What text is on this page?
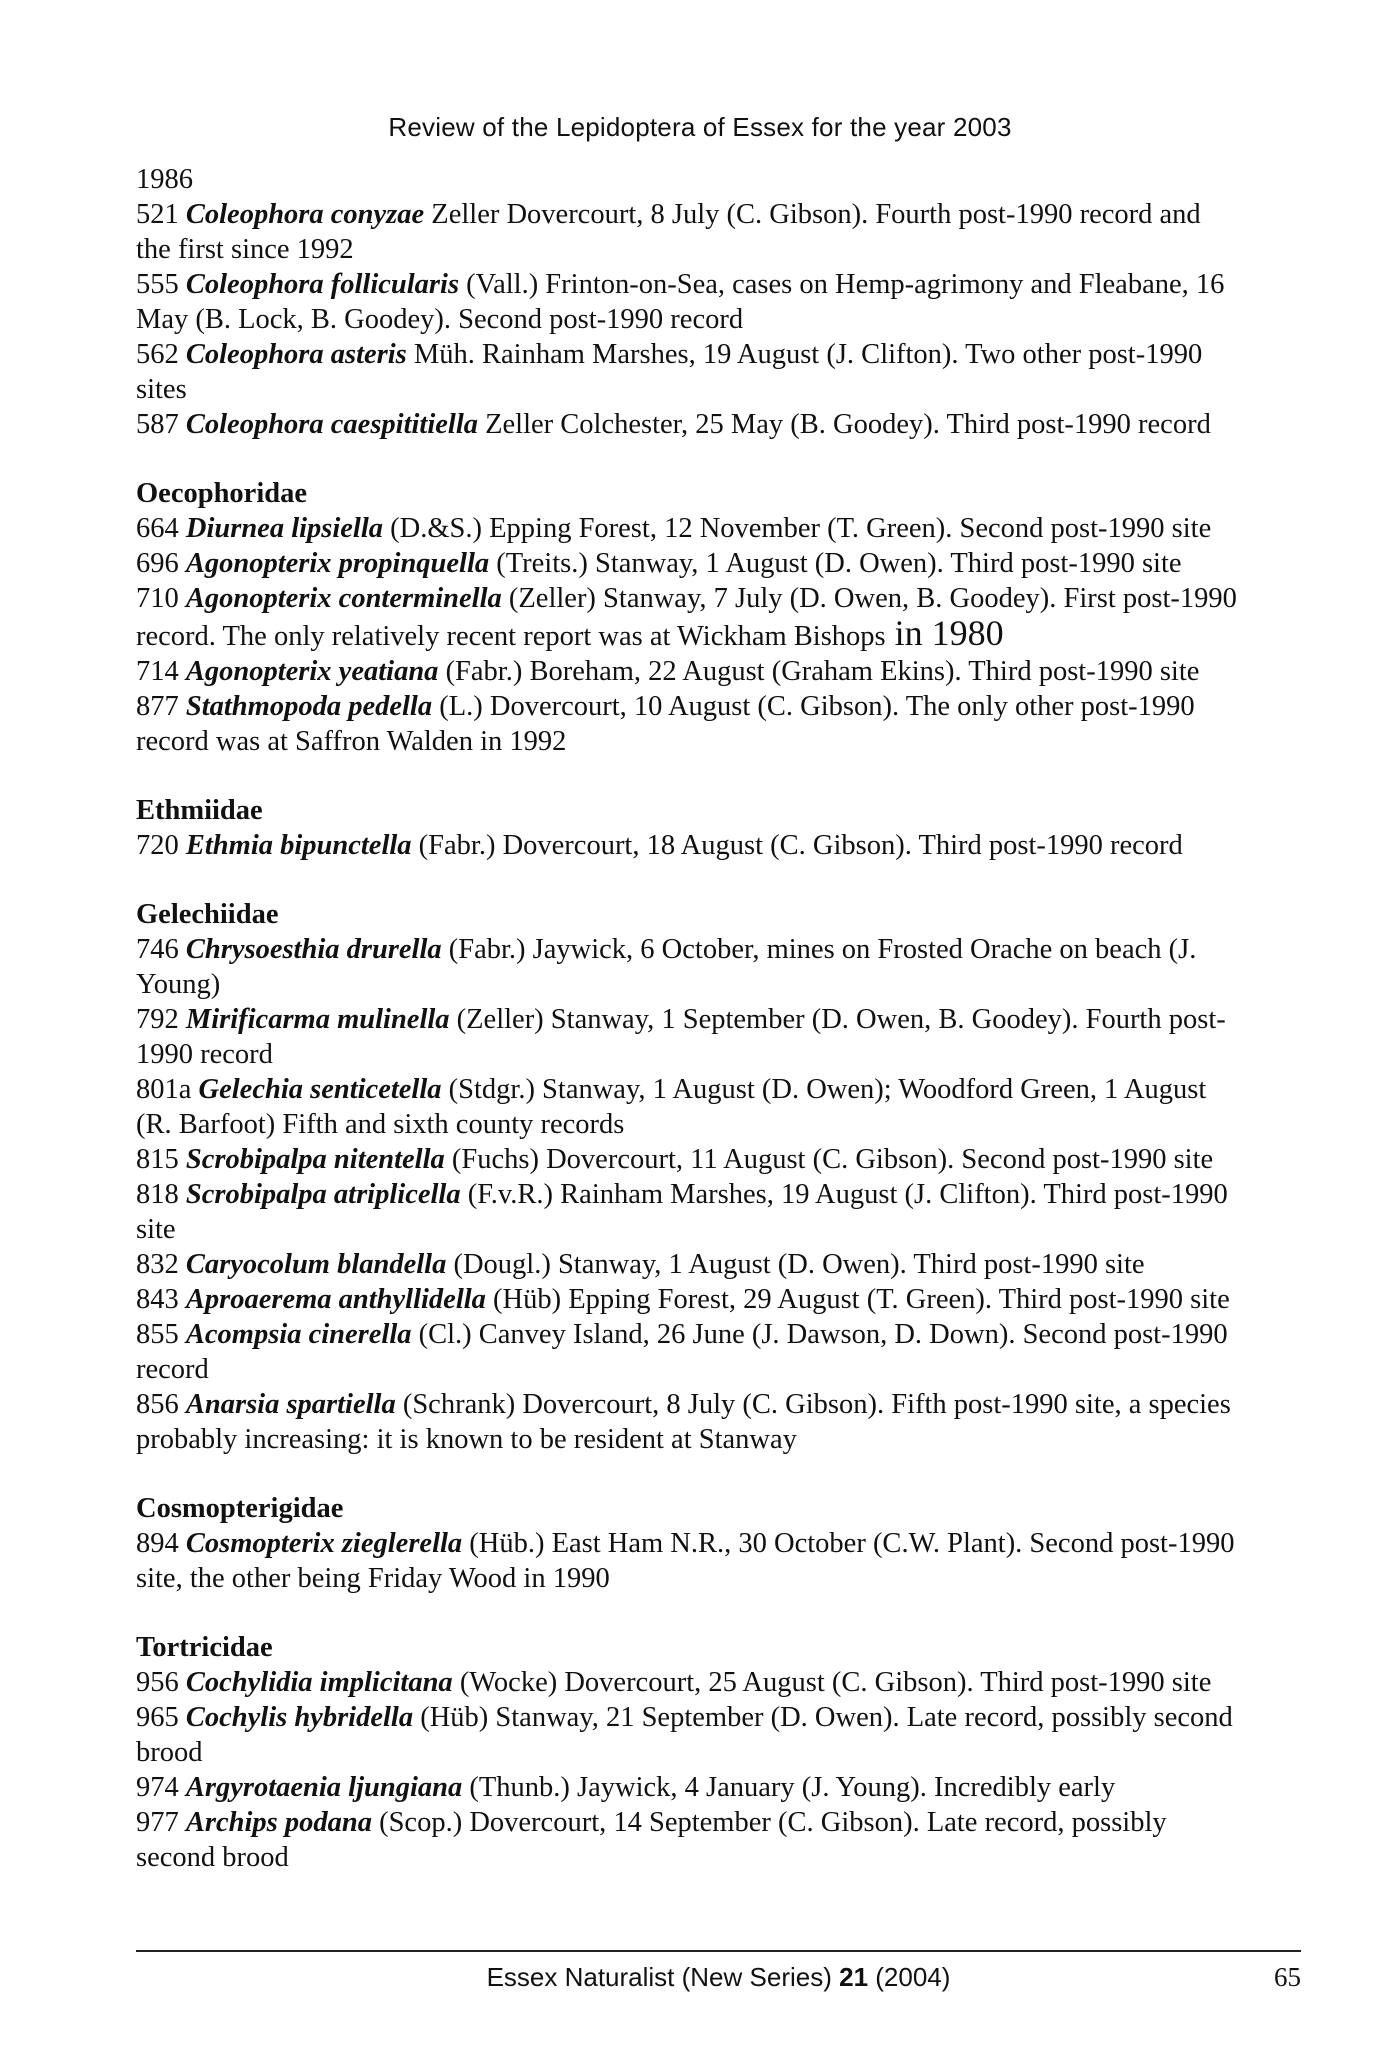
Review of the Lepidoptera of Essex for the year 2003
1986
521 Coleophora conyzae Zeller Dovercourt, 8 July (C. Gibson). Fourth post-1990 record and
the first since 1992
555 Coleophora follicularis (Vall.) Frinton-on-Sea, cases on Hemp-agrimony and Fleabane, 16
May (B. Lock, B. Goodey). Second post-1990 record
562 Coleophora asteris Müh. Rainham Marshes, 19 August (J. Clifton). Two other post-1990
sites
587 Coleophora caespititiella Zeller Colchester, 25 May (B. Goodey). Third post-1990 record
Oecophoridae
664 Diurnea lipsiella (D.&S.) Epping Forest, 12 November (T. Green). Second post-1990 site
696 Agonopterix propinquella (Treits.) Stanway, 1 August (D. Owen). Third post-1990 site
710 Agonopterix conterminella (Zeller) Stanway, 7 July (D. Owen, B. Goodey). First post-1990
record. The only relatively recent report was at Wickham Bishops in 1980
714 Agonopterix yeatiana (Fabr.) Boreham, 22 August (Graham Ekins). Third post-1990 site
877 Stathmopoda pedella (L.) Dovercourt, 10 August (C. Gibson). The only other post-1990
record was at Saffron Walden in 1992
Ethmiidae
720 Ethmia bipunctella (Fabr.) Dovercourt, 18 August (C. Gibson). Third post-1990 record
Gelechiidae
746 Chrysoesthia drurella (Fabr.) Jaywick, 6 October, mines on Frosted Orache on beach (J.
Young)
792 Mirificarma mulinella (Zeller) Stanway, 1 September (D. Owen, B. Goodey). Fourth post-
1990 record
801a Gelechia senticetella (Stdgr.) Stanway, 1 August (D. Owen); Woodford Green, 1 August
(R. Barfoot) Fifth and sixth county records
815 Scrobipalpa nitentella (Fuchs) Dovercourt, 11 August (C. Gibson). Second post-1990 site
818 Scrobipalpa atriplicella (F.v.R.) Rainham Marshes, 19 August (J. Clifton). Third post-1990
site
832 Caryocolum blandella (Dougl.) Stanway, 1 August (D. Owen). Third post-1990 site
843 Aproaerema anthyllidella (Hüb) Epping Forest, 29 August (T. Green). Third post-1990 site
855 Acompsia cinerella (Cl.) Canvey Island, 26 June (J. Dawson, D. Down). Second post-1990
record
856 Anarsia spartiella (Schrank) Dovercourt, 8 July (C. Gibson). Fifth post-1990 site, a species
probably increasing: it is known to be resident at Stanway
Cosmopterigidae
894 Cosmopterix zieglerella (Hüb.) East Ham N.R., 30 October (C.W. Plant). Second post-1990
site, the other being Friday Wood in 1990
Tortricidae
956 Cochylidia implicitana (Wocke) Dovercourt, 25 August (C. Gibson). Third post-1990 site
965 Cochylis hybridella (Hüb) Stanway, 21 September (D. Owen). Late record, possibly second
brood
974 Argyrotaenia ljungiana (Thunb.) Jaywick, 4 January (J. Young). Incredibly early
977 Archips podana (Scop.) Dovercourt, 14 September (C. Gibson). Late record, possibly
second brood
Essex Naturalist (New Series) 21 (2004)	65
